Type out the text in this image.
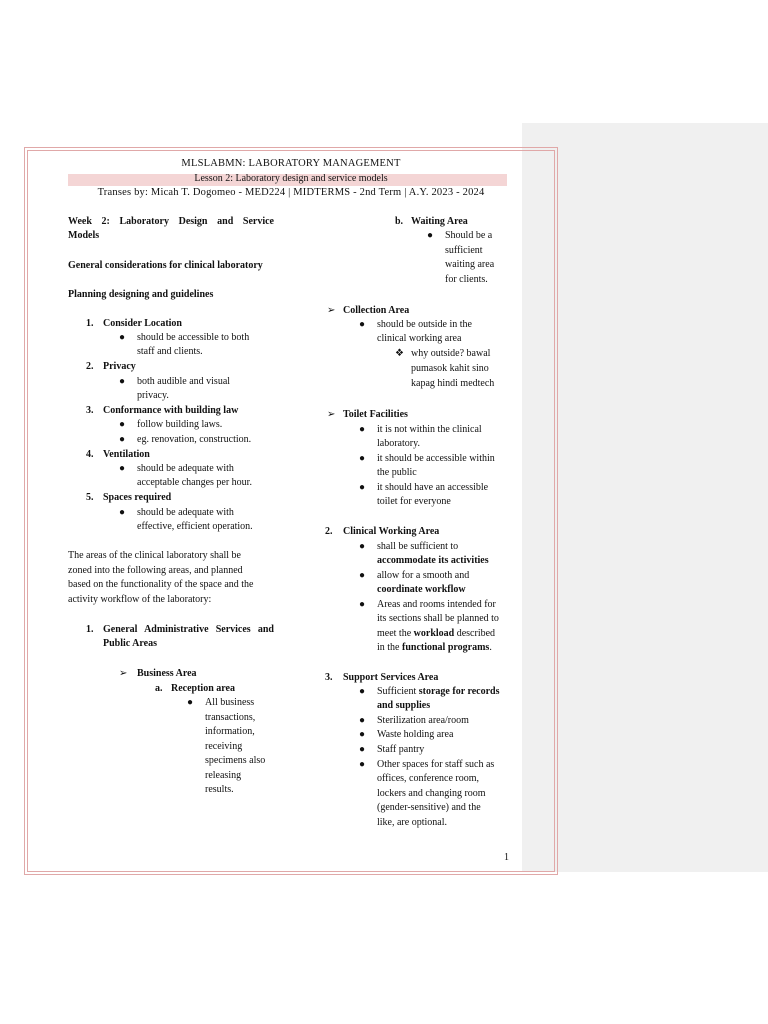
MLSLABMN: LABORATORY MANAGEMENT
Lesson 2: Laboratory design and service models
Transes by: Micah T. Dogomeo - MED224 | MIDTERMS - 2nd Term | A.Y. 2023 - 2024
Week 2: Laboratory Design and Service
Models
General considerations for clinical laboratory
Planning designing and guidelines
1. Consider Location
● should be accessible to both
staff and clients.
2. Privacy
● both audible and visual
privacy.
3. Conformance with building law
● follow building laws.
● eg. renovation, construction.
4. Ventilation
● should be adequate with
acceptable changes per hour.
5. Spaces required
● should be adequate with
effective, efficient operation.
The areas of the clinical laboratory shall be
zoned into the following areas, and planned
based on the functionality of the space and the
activity workflow of the laboratory:
1. General Administrative Services and
Public Areas
➢ Business Area
a. Reception area
● All business
transactions,
information,
receiving
specimens also
releasing
results.
b. Waiting Area
● Should be a
sufficient
waiting area
for clients.
➢ Collection Area
● should be outside in the
clinical working area
❖ why outside? bawal
pumasok kahit sino
kapag hindi medtech
➢ Toilet Facilities
● it is not within the clinical
laboratory.
● it should be accessible within
the public
● it should have an accessible
toilet for everyone
2. Clinical Working Area
● shall be sufficient to
accommodate its activities
● allow for a smooth and
coordinate workflow
● Areas and rooms intended for
its sections shall be planned to
meet the workload described
in the functional programs.
3. Support Services Area
● Sufficient storage for records
and supplies
● Sterilization area/room
● Waste holding area
● Staff pantry
● Other spaces for staff such as
offices, conference room,
lockers and changing room
(gender-sensitive) and the
like, are optional.
1
